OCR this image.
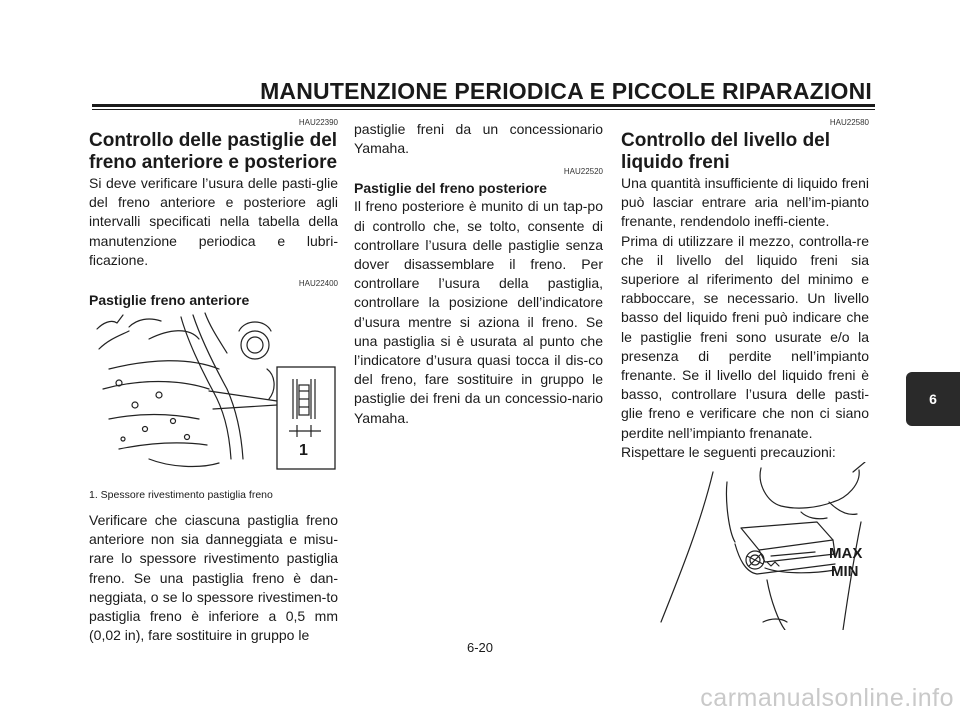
MANUTENZIONE PERIODICA E PICCOLE RIPARAZIONI
HAU22390
Controllo delle pastiglie del
freno anteriore e posteriore

Si deve verificare l’usura delle pasti-glie del freno anteriore e posteriore agli intervalli specificati nella tabella della manutenzione periodica e lubri-ficazione.

HAU22400
Pastiglie freno anteriore
1

1. Spessore rivestimento pastiglia freno

Verificare che ciascuna pastiglia freno anteriore non sia danneggiata e misu-rare lo spessore rivestimento pastiglia freno. Se una pastiglia freno è dan-neggiata, o se lo spessore rivestimen-to pastiglia freno è inferiore a 0,5 mm (0,02 in), fare sostituire in gruppo le

pastiglie freni da un concessionario Yamaha.

HAU22520
Pastiglie del freno posteriore

Il freno posteriore è munito di un tap-po di controllo che, se tolto, consente di controllare l’usura delle pastiglie senza dover disassemblare il freno. Per controllare l’usura della pastiglia, controllare la posizione dell’indicatore d’usura mentre si aziona il freno. Se una pastiglia si è usurata al punto che l’indicatore d’usura quasi tocca il dis-co del freno, fare sostituire in gruppo le pastiglie dei freni da un concessio-nario Yamaha.

HAU22580
Controllo del livello del
liquido freni

Una quantità insufficiente di liquido freni può lasciar entrare aria nell’im-pianto frenante, rendendolo ineffi-ciente.

Prima di utilizzare il mezzo, controlla-re che il livello del liquido freni sia superiore al riferimento del minimo e rabboccare, se necessario. Un livello basso del liquido freni può indicare che le pastiglie freni sono usurate e/o la presenza di perdite nell’impianto frenante. Se il livello del liquido freni è basso, controllare l’usura delle pasti-glie freno e verificare che non ci siano perdite nell’impianto frenanate.

Rispettare le seguenti precauzioni:

MAX
MIN
6-20
6
carmanualsonline.info
